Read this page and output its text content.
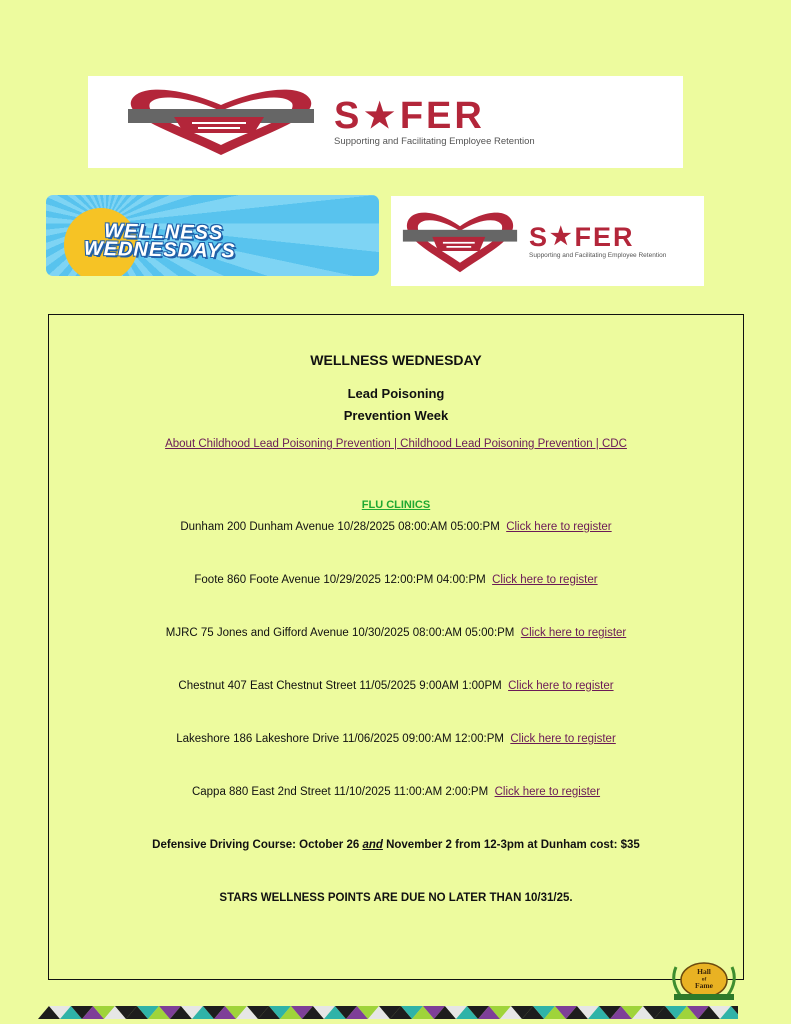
S ★ FER
Supporting and Facilitating Employee Retention
WELLNESS
WEDNESDAYS	S ★ FER
Supporting and Facilitating Employee Retention
WELLNESS WEDNESDAY
Lead Poisoning
Prevention Week
About Childhood Lead Poisoning Prevention | Childhood Lead Poisoning Prevention | CDC
FLU CLINICS
Dunham 200 Dunham Avenue 10/28/2025 08:00:AM 05:00:PM Click here to register
Foote 860 Foote Avenue 10/29/2025 12:00:PM 04:00:PM Click here to register
MJRC 75 Jones and Gifford Avenue 10/30/2025 08:00:AM 05:00:PM Click here to register
Chestnut 407 East Chestnut Street 11/05/2025 9:00AM 1:00PM Click here to register
Lakeshore 186 Lakeshore Drive 11/06/2025 09:00:AM 12:00:PM Click here to register
Cappa 880 East 2nd Street 11/10/2025 11:00:AM 2:00:PM Click here to register
Defensive Driving Course: October 26 and November 2 from 12-3pm at Dunham cost: $35
STARS WELLNESS POINTS ARE DUE NO LATER THAN 10/31/25.
Hall
of
Fame
